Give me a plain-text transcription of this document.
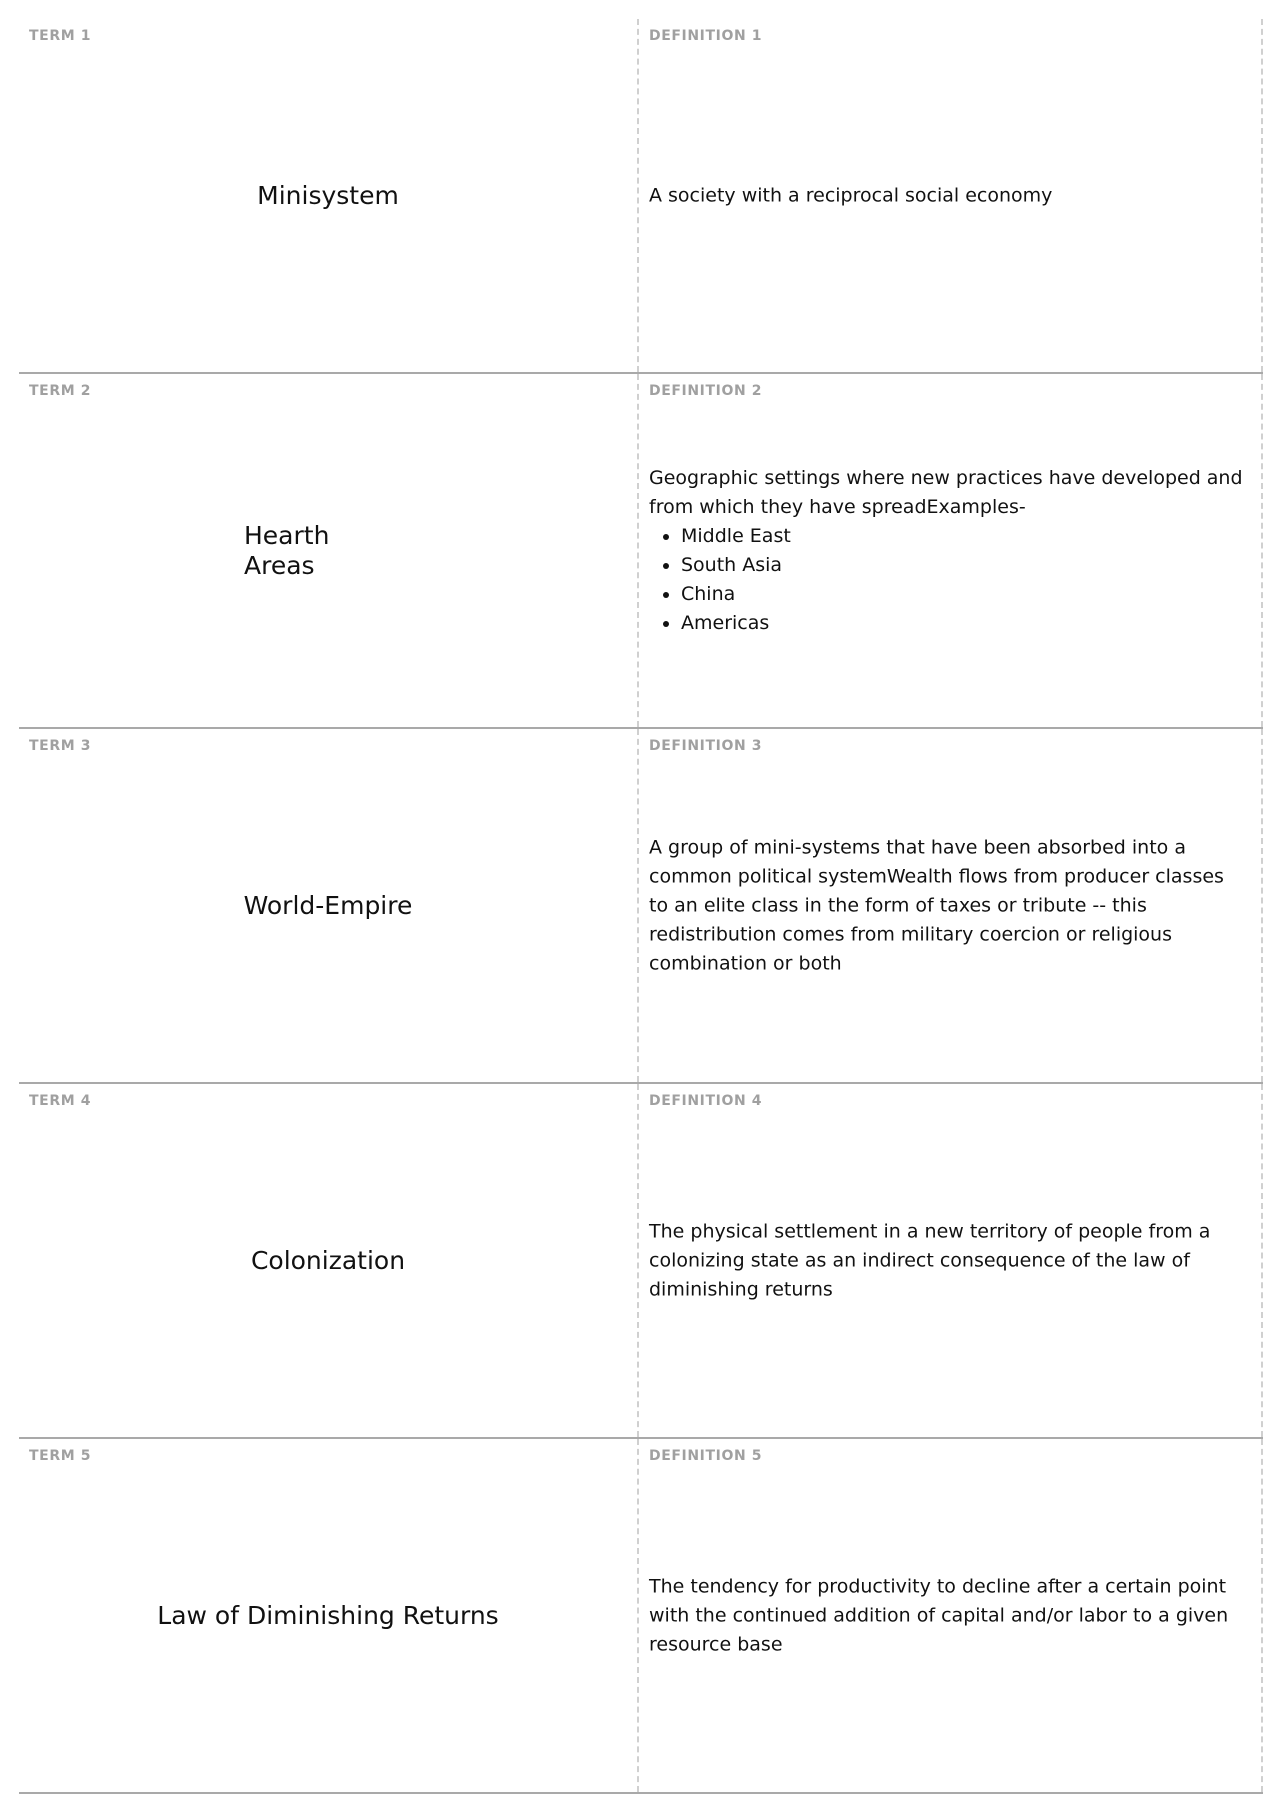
TERM 1
Minisystem
DEFINITION 1
A society with a reciprocal social economy
TERM 2
Hearth Areas
DEFINITION 2
Geographic settings where new practices have developed and from which they have spreadExamples-
• Middle East
• South Asia
• China
• Americas
TERM 3
World-Empire
DEFINITION 3
A group of mini-systems that have been absorbed into a common political systemWealth flows from producer classes to an elite class in the form of taxes or tribute -- this redistribution comes from military coercion or religious combination or both
TERM 4
Colonization
DEFINITION 4
The physical settlement in a new territory of people from a colonizing state as an indirect consequence of the law of diminishing returns
TERM 5
Law of Diminishing Returns
DEFINITION 5
The tendency for productivity to decline after a certain point with the continued addition of capital and/or labor to a given resource base
